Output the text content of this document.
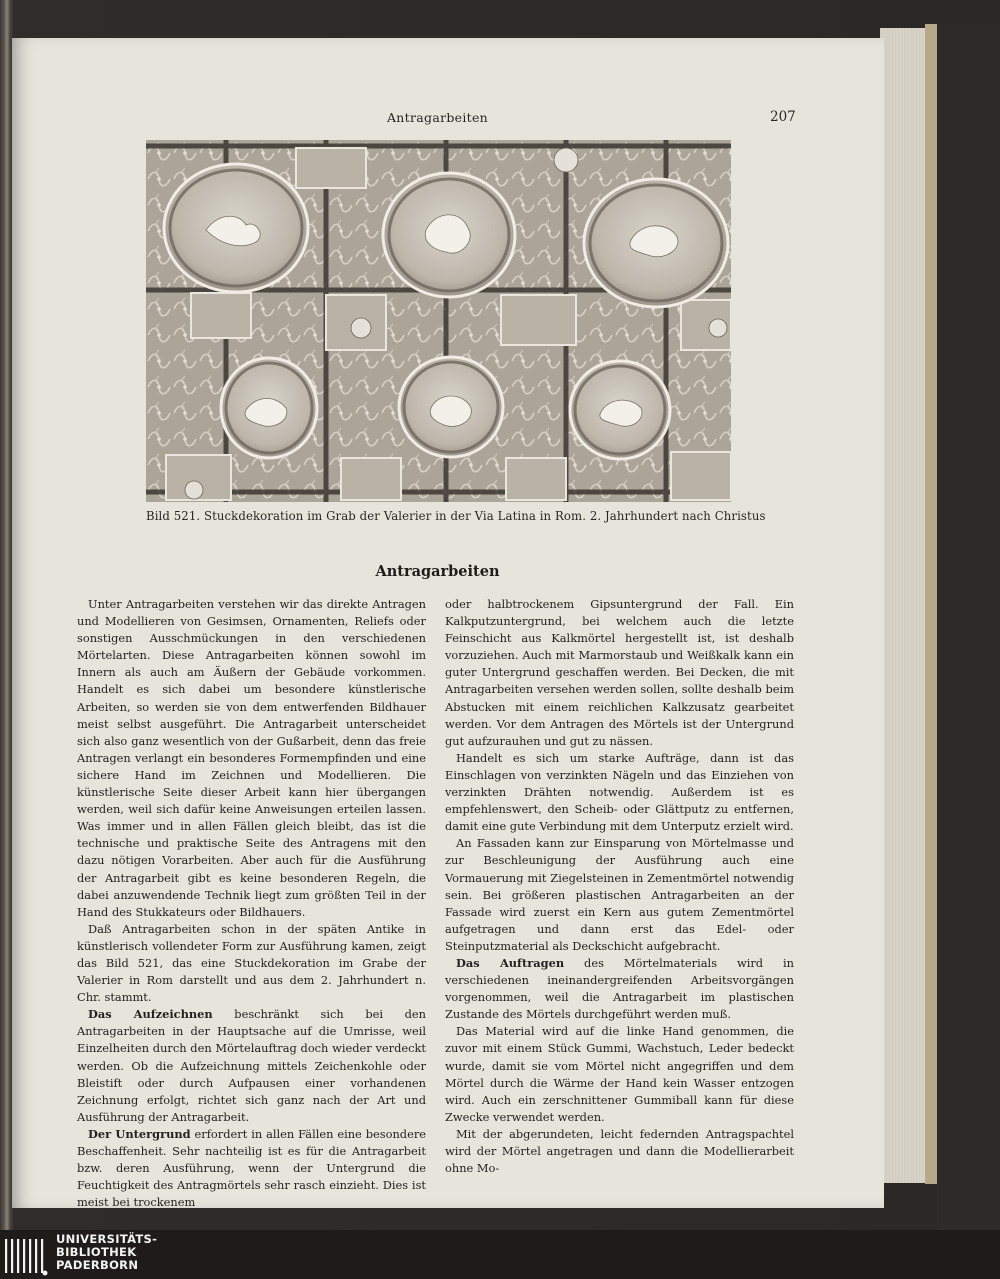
Antragarbeiten	207
Bild 521. Stuckdekoration im Grab der Valerier in der Via Latina in Rom. 2. Jahrhundert nach Christus
Antragarbeiten

Unter Antragarbeiten verstehen wir das direkte Antragen und Modellieren von Gesimsen, Ornamenten, Reliefs oder sonstigen Ausschmückungen in den verschiedenen Mörtelarten. Diese Antragarbeiten können sowohl im Innern als auch am Äußern der Gebäude vorkommen. Handelt es sich dabei um besondere künstlerische Arbeiten, so werden sie von dem entwerfenden Bildhauer meist selbst ausgeführt. Die Antragarbeit unterscheidet sich also ganz wesentlich von der Gußarbeit, denn das freie Antragen verlangt ein besonderes Formempfinden und eine sichere Hand im Zeichnen und Modellieren. Die künstlerische Seite dieser Arbeit kann hier übergangen werden, weil sich dafür keine Anweisungen erteilen lassen. Was immer und in allen Fällen gleich bleibt, das ist die technische und praktische Seite des Antragens mit den dazu nötigen Vorarbeiten. Aber auch für die Ausführung der Antragarbeit gibt es keine besonderen Regeln, die dabei anzuwendende Technik liegt zum größten Teil in der Hand des Stukkateurs oder Bildhauers.

Daß Antragarbeiten schon in der späten Antike in künstlerisch vollendeter Form zur Ausführung kamen, zeigt das Bild 521, das eine Stuckdekoration im Grabe der Valerier in Rom darstellt und aus dem 2. Jahrhundert n. Chr. stammt.

Das Aufzeichnen beschränkt sich bei den Antragarbeiten in der Hauptsache auf die Umrisse, weil Einzelheiten durch den Mörtelauftrag doch wieder verdeckt werden. Ob die Aufzeichnung mittels Zeichenkohle oder Bleistift oder durch Aufpausen einer vorhandenen Zeichnung erfolgt, richtet sich ganz nach der Art und Ausführung der Antragarbeit.

Der Untergrund erfordert in allen Fällen eine besondere Beschaffenheit. Sehr nachteilig ist es für die Antragarbeit bzw. deren Ausführung, wenn der Untergrund die Feuchtigkeit des Antragmörtels sehr rasch einzieht. Dies ist meist bei trockenem

oder halbtrockenem Gipsuntergrund der Fall. Ein Kalkputzuntergrund, bei welchem auch die letzte Feinschicht aus Kalkmörtel hergestellt ist, ist deshalb vorzuziehen. Auch mit Marmorstaub und Weißkalk kann ein guter Untergrund geschaffen werden. Bei Decken, die mit Antragarbeiten versehen werden sollen, sollte deshalb beim Abstucken mit einem reichlichen Kalkzusatz gearbeitet werden. Vor dem Antragen des Mörtels ist der Untergrund gut aufzurauhen und gut zu nässen.

Handelt es sich um starke Aufträge, dann ist das Einschlagen von verzinkten Nägeln und das Einziehen von verzinkten Drähten notwendig. Außerdem ist es empfehlenswert, den Scheib- oder Glättputz zu entfernen, damit eine gute Verbindung mit dem Unterputz erzielt wird.

An Fassaden kann zur Einsparung von Mörtelmasse und zur Beschleunigung der Ausführung auch eine Vormauerung mit Ziegelsteinen in Zementmörtel notwendig sein. Bei größeren plastischen Antragarbeiten an der Fassade wird zuerst ein Kern aus gutem Zementmörtel aufgetragen und dann erst das Edel- oder Steinputzmaterial als Deckschicht aufgebracht.

Das Auftragen des Mörtelmaterials wird in verschiedenen ineinandergreifenden Arbeitsvorgängen vorgenommen, weil die Antragarbeit im plastischen Zustande des Mörtels durchgeführt werden muß.

Das Material wird auf die linke Hand genommen, die zuvor mit einem Stück Gummi, Wachstuch, Leder bedeckt wurde, damit sie vom Mörtel nicht angegriffen und dem Mörtel durch die Wärme der Hand kein Wasser entzogen wird. Auch ein zerschnittener Gummiball kann für diese Zwecke verwendet werden.

Mit der abgerundeten, leicht federnden Antragspachtel wird der Mörtel angetragen und dann die Modellierarbeit ohne Mo-

UNIVERSITÄTS-
BIBLIOTHEK
PADERBORN
